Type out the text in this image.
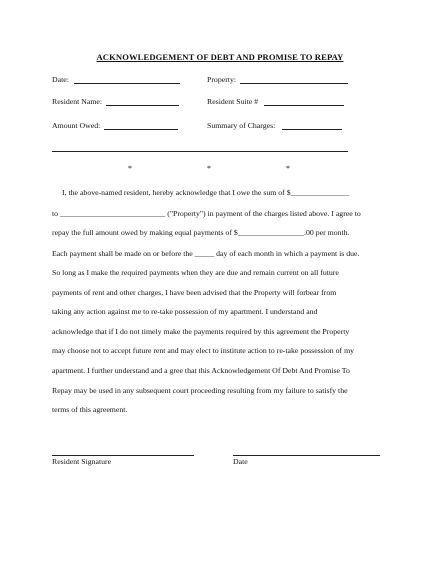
ACKNOWLEDGEMENT OF DEBT AND PROMISE TO REPAY
Date:	Property:
Resident Name:	Resident Suite #
Amount Owed:	Summary of Charges:
*	*	*
I, the above-named resident, hereby acknowledge that I owe the sum of $_______________
to ___________________________ ("Property") in payment of the charges listed above. I agree to
repay the full amount owed by making equal payments of $_________________.00 per month.
Each payment shall be made on or before the _____ day of each month in which a payment is due.
So long as I make the required payments when they are due and remain current on all future
payments of rent and other charges, I have been advised that the Property will forbear from
taking any action against me to re-take possession of my apartment. I understand and
acknowledge that if I do not timely make the payments required by this agreement the Property
may choose not to accept future rent and may elect to institute action to re-take possession of my
apartment. I further understand and a gree that this Acknowledgement Of Debt And Promise To
Repay may be used in any subsequent court proceeding resulting from my failure to satisfy the
terms of this agreement.
Resident Signature	Date
